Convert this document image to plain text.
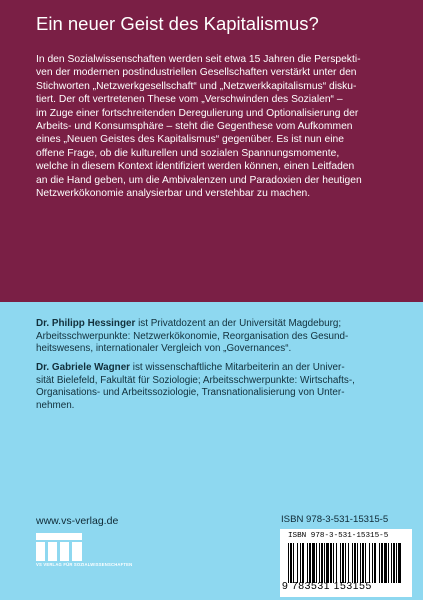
Ein neuer Geist des Kapitalismus?
In den Sozialwissenschaften werden seit etwa 15 Jahren die Perspekti-
ven der modernen postindustriellen Gesellschaften verstärkt unter den
Stichworten „Netzwerkgesellschaft“ und „Netzwerkkapitalismus“ disku-
tiert. Der oft vertretenen These vom „Verschwinden des Sozialen“ –
im Zuge einer fortschreitenden Deregulierung und Optionalisierung der
Arbeits- und Konsumsphäre – steht die Gegenthese vom Aufkommen
eines „Neuen Geistes des Kapitalismus“ gegenüber. Es ist nun eine
offene Frage, ob die kulturellen und sozialen Spannungsmomente,
welche in diesem Kontext identifiziert werden können, einen Leitfaden
an die Hand geben, um die Ambivalenzen und Paradoxien der heutigen
Netzwerkökonomie analysierbar und verstehbar zu machen.
Dr. Philipp Hessinger ist Privatdozent an der Universität Magdeburg;
Arbeitsschwerpunkte: Netzwerkökonomie, Reorganisation des Gesund-
heitswesens, internationaler Vergleich von „Governances“.
Dr. Gabriele Wagner ist wissenschaftliche Mitarbeiterin an der Univer-
sität Bielefeld, Fakultät für Soziologie; Arbeitsschwerpunkte: Wirtschafts-,
Organisations- und Arbeitssoziologie, Transnationalisierung von Unter-
nehmen.
www.vs-verlag.de
VS VERLAG FÜR SOZIALWISSENSCHAFTEN
ISBN 978-3-531-15315-5
ISBN 978-3-531-15315-5
9 783531 153155
